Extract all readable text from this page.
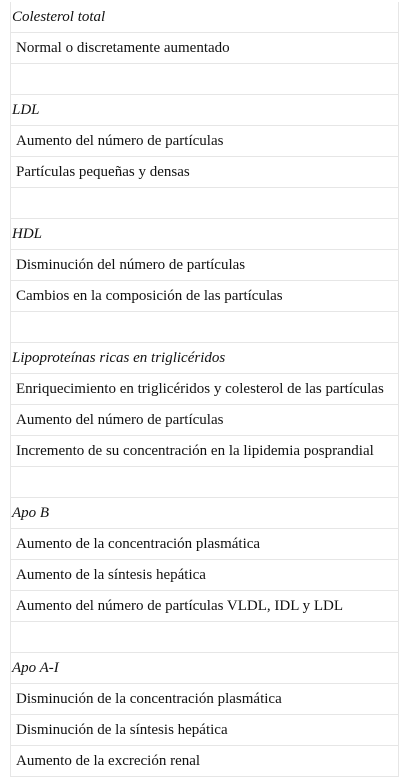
Colesterol total
Normal o discretamente aumentado
LDL
Aumento del número de partículas
Partículas pequeñas y densas
HDL
Disminución del número de partículas
Cambios en la composición de las partículas
Lipoproteínas ricas en triglicéridos
Enriquecimiento en triglicéridos y colesterol de las partículas
Aumento del número de partículas
Incremento de su concentración en la lipidemia posprandial
Apo B
Aumento de la concentración plasmática
Aumento de la síntesis hepática
Aumento del número de partículas VLDL, IDL y LDL
Apo A-I
Disminución de la concentración plasmática
Disminución de la síntesis hepática
Aumento de la excreción renal
